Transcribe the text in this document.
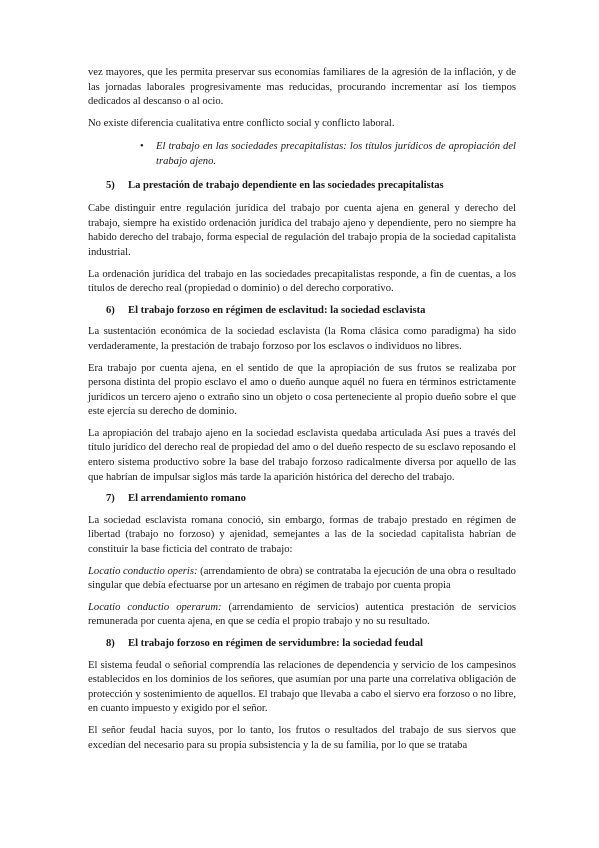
vez mayores, que les permita preservar sus economías familiares de la agresión de la inflación, y de las jornadas laborales progresivamente mas reducidas, procurando incrementar así los tiempos dedicados al descanso o al ocio.

No existe diferencia cualitativa entre conflicto social y conflicto laboral.

•	El trabajo en las sociedades precapitalistas: los títulos jurídicos de apropiación del trabajo ajeno.
5)	La prestación de trabajo dependiente en las sociedades precapitalistas

Cabe distinguir entre regulación jurídica del trabajo por cuenta ajena en general y derecho del trabajo, siempre ha existido ordenación jurídica del trabajo ajeno y dependiente, pero no siempre ha habido derecho del trabajo, forma especial de regulación del trabajo propia de la sociedad capitalista industrial.

La ordenación jurídica del trabajo en las sociedades precapitalistas responde, a fin de cuentas, a los títulos de derecho real (propiedad o dominio) o del derecho corporativo.

6)	El trabajo forzoso en régimen de esclavitud: la sociedad esclavista

La sustentación económica de la sociedad esclavista (la Roma clásica como paradigma) ha sido verdaderamente, la prestación de trabajo forzoso por los esclavos o individuos no libres.

Era trabajo por cuenta ajena, en el sentido de que la apropiación de sus frutos se realizaba por persona distinta del propio esclavo el amo o dueño aunque aquél no fuera en términos estrictamente jurídicos un tercero ajeno o extraño sino un objeto o cosa perteneciente al propio dueño sobre el que este ejercía su derecho de dominio.

La apropiación del trabajo ajeno en la sociedad esclavista quedaba articulada Así pues a través del título jurídico del derecho real de propiedad del amo o del dueño respecto de su esclavo reposando el entero sistema productivo sobre la base del trabajo forzoso radicalmente diversa por aquello de las que habrían de impulsar siglos más tarde la aparición histórica del derecho del trabajo.

7)	El arrendamiento romano

La sociedad esclavista romana conoció, sin embargo, formas de trabajo prestado en régimen de libertad (trabajo no forzoso) y ajenidad, semejantes a las de la sociedad capitalista habrían de constituir la base ficticia del contrato de trabajo:

Locatio conductio operis: (arrendamiento de obra) se contrataba la ejecución de una obra o resultado singular que debía efectuarse por un artesano en régimen de trabajo por cuenta propia

Locatio conductio operarum: (arrendamiento de servicios) autentica prestación de servicios remunerada por cuenta ajena, en que se cedía el propio trabajo y no su resultado.

8)	El trabajo forzoso en régimen de servidumbre: la sociedad feudal

El sistema feudal o señorial comprendía las relaciones de dependencia y servicio de los campesinos establecidos en los dominios de los señores, que asumían por una parte una correlativa obligación de protección y sostenimiento de aquellos. El trabajo que llevaba a cabo el siervo era forzoso o no libre, en cuanto impuesto y exigido por el señor.

El señor feudal hacia suyos, por lo tanto, los frutos o resultados del trabajo de sus siervos que excedían del necesario para su propia subsistencia y la de su familia, por lo que se trataba
